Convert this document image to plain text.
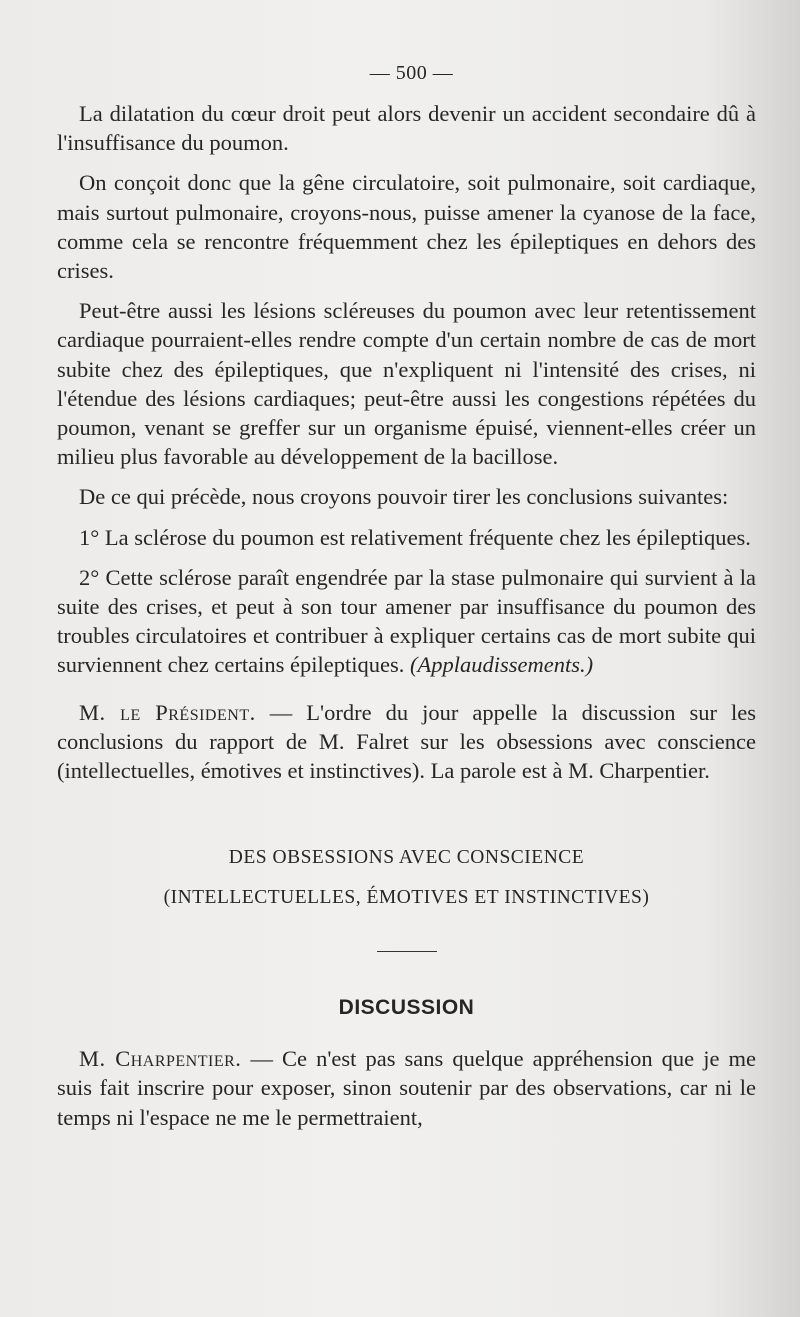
— 500 —

La dilatation du cœur droit peut alors devenir un accident secondaire dû à l'insuffisance du poumon.

On conçoit donc que la gêne circulatoire, soit pulmonaire, soit cardiaque, mais surtout pulmonaire, croyons-nous, puisse amener la cyanose de la face, comme cela se rencontre fréquemment chez les épileptiques en dehors des crises.

Peut-être aussi les lésions scléreuses du poumon avec leur retentissement cardiaque pourraient-elles rendre compte d'un certain nombre de cas de mort subite chez des épileptiques, que n'expliquent ni l'intensité des crises, ni l'étendue des lésions cardiaques; peut-être aussi les congestions répétées du poumon, venant se greffer sur un organisme épuisé, viennent-elles créer un milieu plus favorable au développement de la bacillose.

De ce qui précède, nous croyons pouvoir tirer les conclusions suivantes:

1° La sclérose du poumon est relativement fréquente chez les épileptiques.

2° Cette sclérose paraît engendrée par la stase pulmonaire qui survient à la suite des crises, et peut à son tour amener par insuffisance du poumon des troubles circulatoires et contribuer à expliquer certains cas de mort subite qui surviennent chez certains épileptiques. (Applaudissements.)

M. le Président. — L'ordre du jour appelle la discussion sur les conclusions du rapport de M. Falret sur les obsessions avec conscience (intellectuelles, émotives et instinctives). La parole est à M. Charpentier.

DES OBSESSIONS AVEC CONSCIENCE
(INTELLECTUELLES, ÉMOTIVES ET INSTINCTIVES)
DISCUSSION

M. Charpentier. — Ce n'est pas sans quelque appréhension que je me suis fait inscrire pour exposer, sinon soutenir par des observations, car ni le temps ni l'espace ne me le permettraient,
